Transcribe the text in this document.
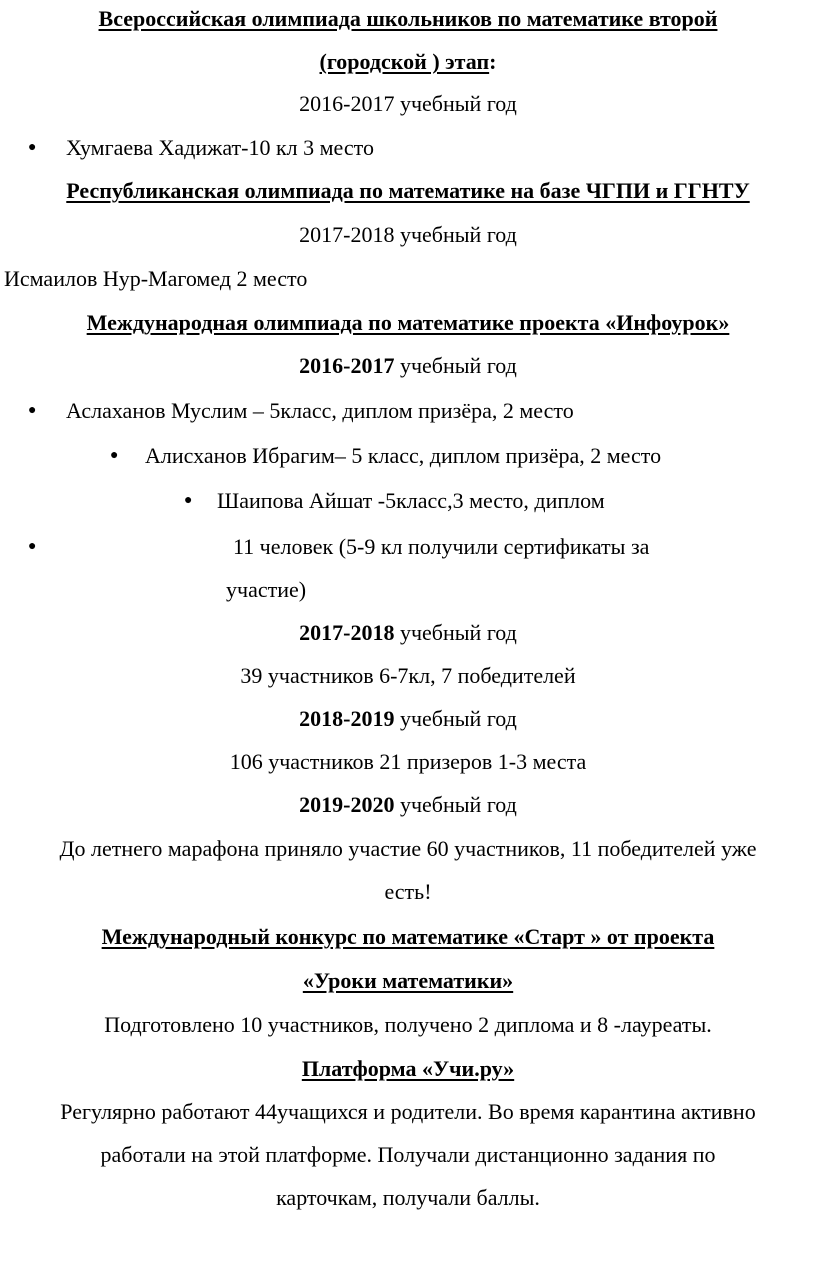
Всероссийская олимпиада школьников по математике второй
(городской ) этап:
2016-2017 учебный год
● Хумгаева Хадижат-10 кл 3 место
Республиканская олимпиада по математике на базе ЧГПИ и ГГНТУ
2017-2018 учебный год
Исмаилов Нур-Магомед 2 место
Международная олимпиада по математике проекта «Инфоурок»
2016-2017 учебный год
● Аслаханов Муслим – 5класс, диплом призёра, 2 место
● Алисханов Ибрагим– 5 класс, диплом призёра, 2 место
● Шаипова Айшат -5класс,3 место, диплом
●	11 человек (5-9 кл получили сертификаты за
участие)
2017-2018 учебный год
39 участников 6-7кл, 7 победителей
2018-2019 учебный год
106 участников 21 призеров 1-3 места
2019-2020 учебный год
До летнего марафона приняло участие 60 участников, 11 победителей уже
есть!
Международный конкурс по математике «Старт » от проекта
«Уроки математики»
Подготовлено 10 участников, получено 2 диплома и 8 -лауреаты.
Платформа «Учи.ру»
Регулярно работают 44учащихся и родители. Во время карантина активно
работали на этой платформе. Получали дистанционно задания по
карточкам, получали баллы.
